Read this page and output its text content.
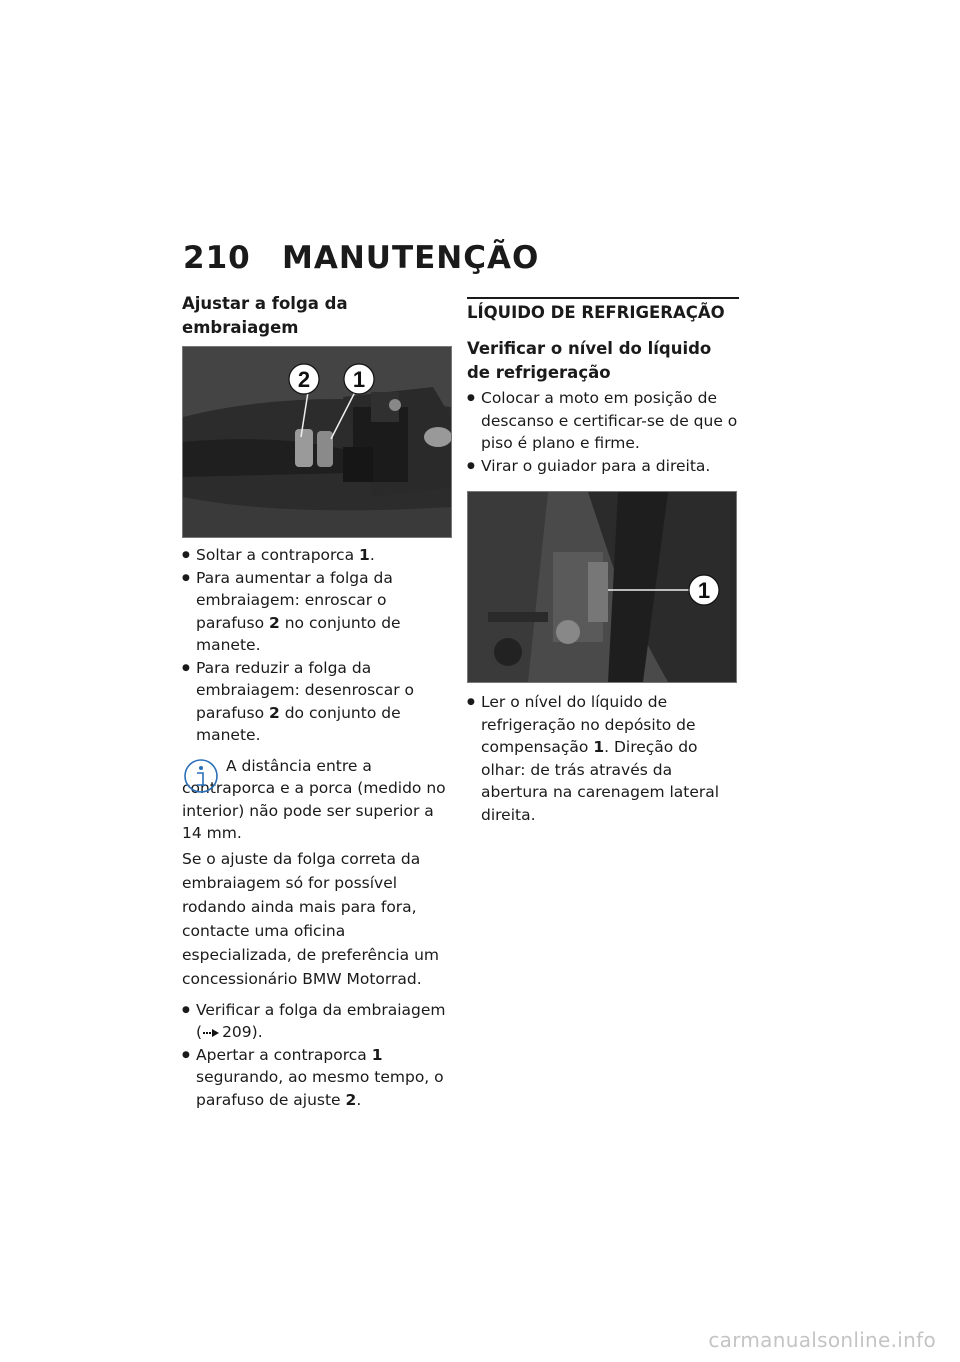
210 MANUTENÇÃO
Ajustar a folga da embraiagem
2 1
● Soltar a contraporca 1.
● Para aumentar a folga da embraiagem: enroscar o parafuso 2 no conjunto de manete.
● Para reduzir a folga da embraiagem: desenroscar o parafuso 2 do conjunto de manete.
A distância entre a contraporca e a porca (medido no interior) não pode ser superior a 14 mm.
Se o ajuste da folga correta da embraiagem só for possível rodando ainda mais para fora, contacte uma oficina especializada, de preferência um concessionário BMW Motorrad.
● Verificar a folga da embraiagem ( 209).
● Apertar a contraporca 1 segurando, ao mesmo tempo, o parafuso de ajuste 2.
LÍQUIDO DE REFRIGERAÇÃO
Verificar o nível do líquido de refrigeração
● Colocar a moto em posição de descanso e certificar-se de que o piso é plano e firme.
● Virar o guiador para a direita.
1
● Ler o nível do líquido de refrigeração no depósito de compensação 1. Direção do olhar: de trás através da abertura na carenagem lateral direita.
carmanualsonline.info
